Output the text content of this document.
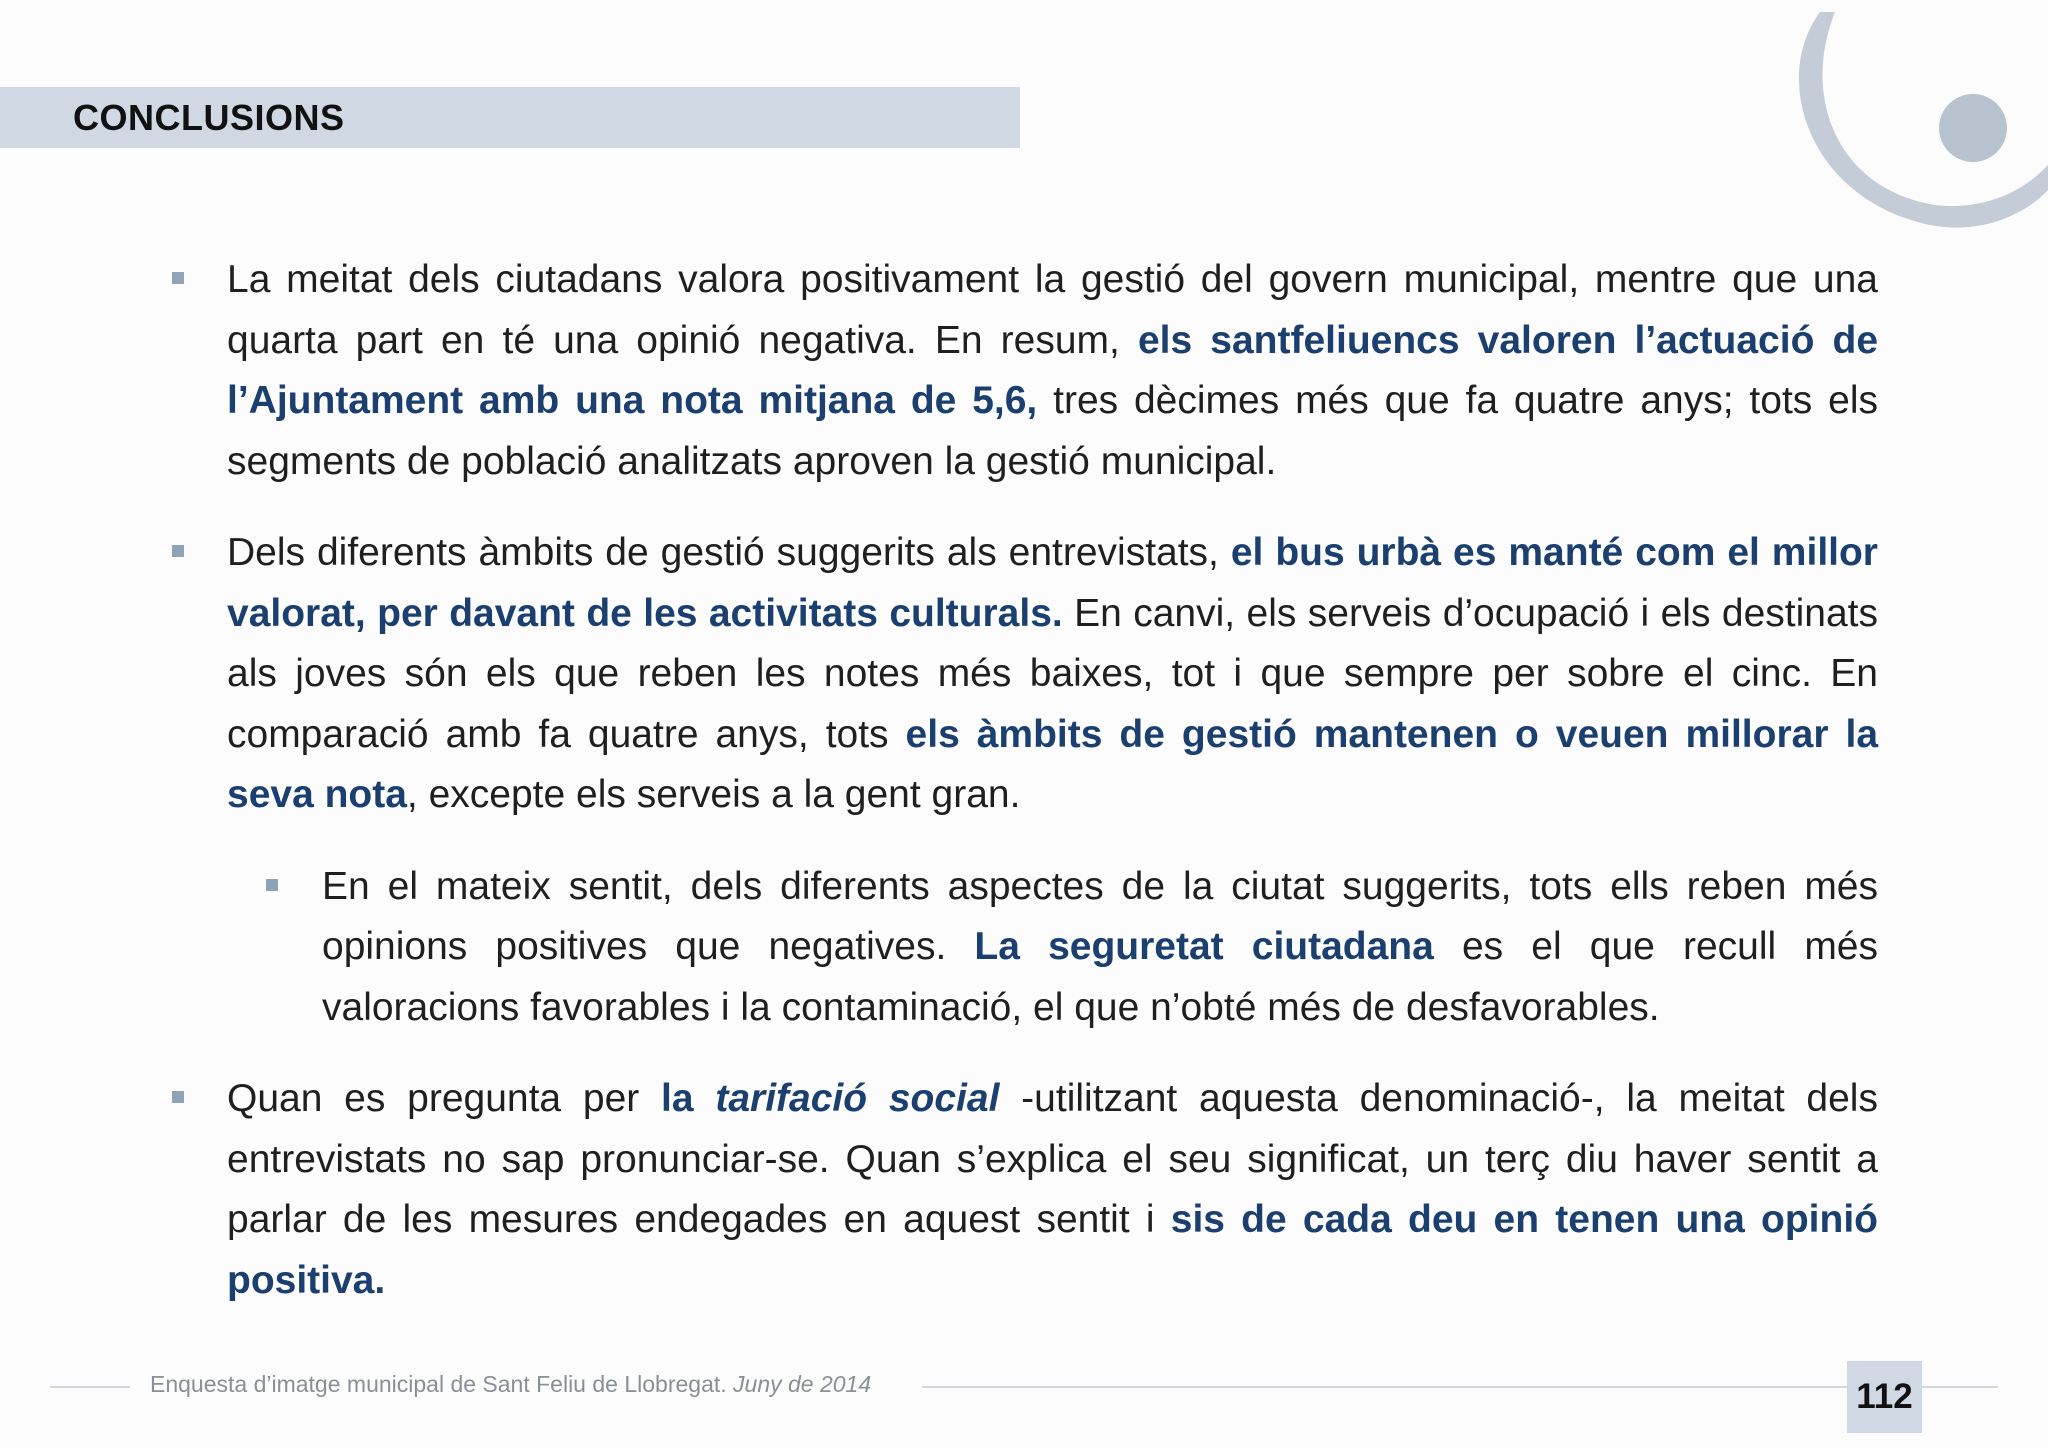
CONCLUSIONS
La meitat dels ciutadans valora positivament la gestió del govern municipal, mentre que una quarta part en té una opinió negativa. En resum, els santfeliuencs valoren l’actuació de l’Ajuntament amb una nota mitjana de 5,6, tres dècimes més que fa quatre anys; tots els segments de població analitzats aproven la gestió municipal.
Dels diferents àmbits de gestió suggerits als entrevistats, el bus urbà es manté com el millor valorat, per davant de les activitats culturals. En canvi, els serveis d’ocupació i els destinats als joves són els que reben les notes més baixes, tot i que sempre per sobre el cinc. En comparació amb fa quatre anys, tots els àmbits de gestió mantenen o veuen millorar la seva nota, excepte els serveis a la gent gran.
En el mateix sentit, dels diferents aspectes de la ciutat suggerits, tots ells reben més opinions positives que negatives. La seguretat ciutadana es el que recull més valoracions favorables i la contaminació, el que n’obté més de desfavorables.
Quan es pregunta per la tarifació social -utilitzant aquesta denominació-, la meitat dels entrevistats no sap pronunciar-se. Quan s’explica el seu significat, un terç diu haver sentit a parlar de les mesures endegades en aquest sentit i sis de cada deu en tenen una opinió positiva.
Enquesta d’imatge municipal de Sant Feliu de Llobregat. Juny de 2014	112
